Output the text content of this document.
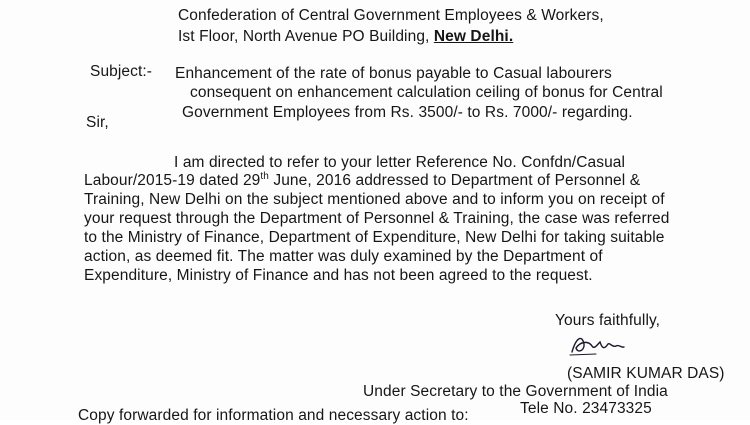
Confederation of Central Government Employees & Workers,
Ist Floor, North Avenue PO Building, New Delhi.
Subject:- Enhancement of the rate of bonus payable to Casual labourers
consequent on enhancement calculation ceiling of bonus for Central
Government Employees from Rs. 3500/- to Rs. 7000/- regarding.
Sir,
I am directed to refer to your letter Reference No. Confdn/Casual
Labour/2015-19 dated 29th June, 2016 addressed to Department of Personnel &
Training, New Delhi on the subject mentioned above and to inform you on receipt of
your request through the Department of Personnel & Training, the case was referred
to the Ministry of Finance, Department of Expenditure, New Delhi for taking suitable
action, as deemed fit. The matter was duly examined by the Department of
Expenditure, Ministry of Finance and has not been agreed to the request.
Yours faithfully,
(SAMIR KUMAR DAS)
Under Secretary to the Government of India
Tele No. 23473325
Copy forwarded for information and necessary action to:
